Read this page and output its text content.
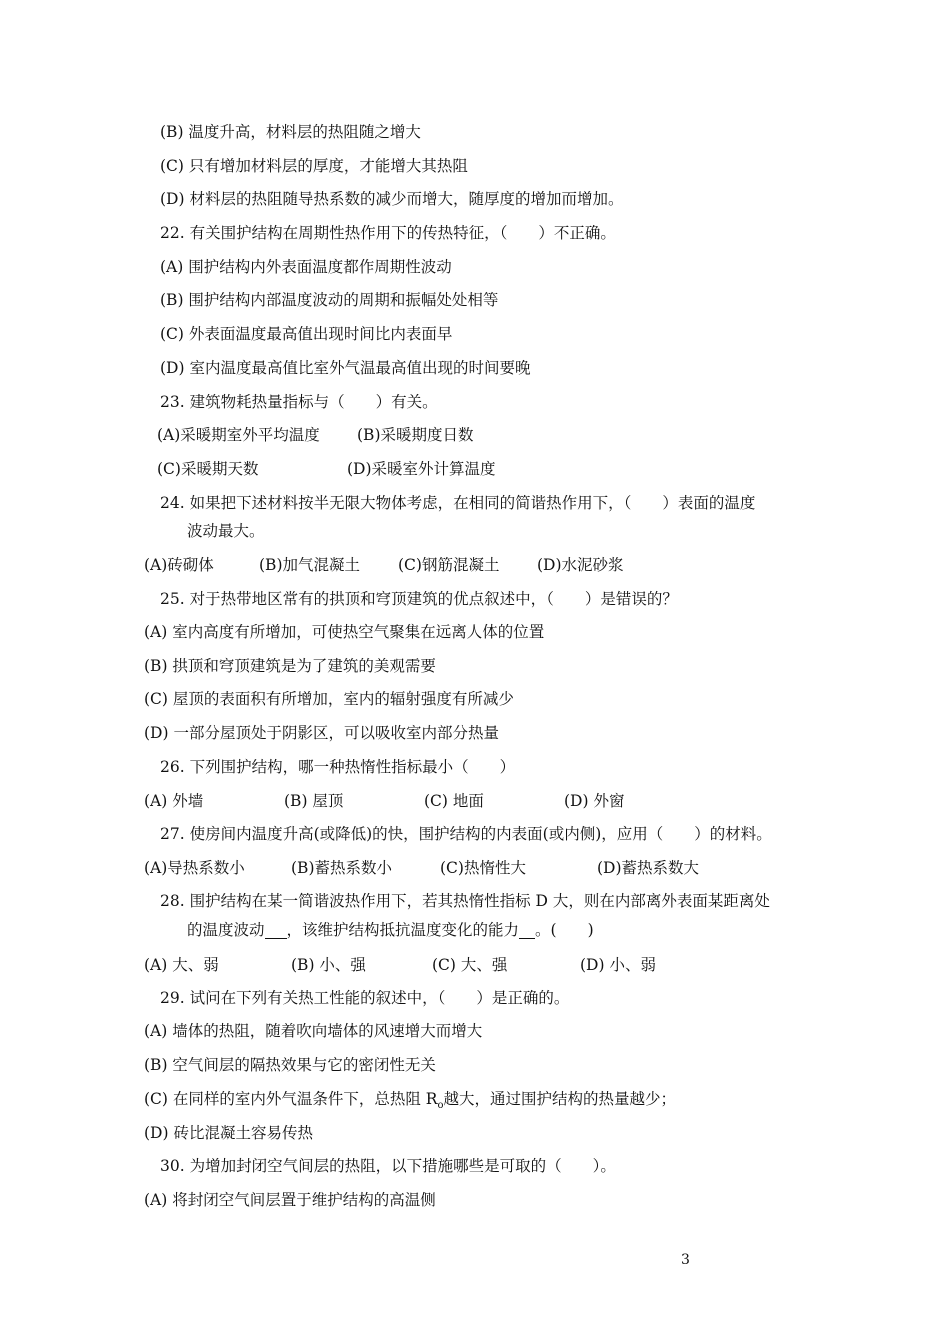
(B) 温度升高，材料层的热阻随之增大
(C) 只有增加材料层的厚度，才能增大其热阻
(D) 材料层的热阻随导热系数的减少而增大，随厚度的增加而增加。
22. 有关围护结构在周期性热作用下的传热特征，（　　）不正确。
(A) 围护结构内外表面温度都作周期性波动
(B) 围护结构内部温度波动的周期和振幅处处相等
(C) 外表面温度最高值出现时间比内表面早
(D) 室内温度最高值比室外气温最高值出现的时间要晚
23. 建筑物耗热量指标与（　　）有关。
(A)采暖期室外平均温度 (B)采暖期度日数
(C)采暖期天数	(D)采暖室外计算温度
24. 如果把下述材料按半无限大物体考虑，在相同的简谐热作用下，（　　）表面的温度
波动最大。
(A)砖砌体	(B)加气混凝土 (C)钢筋混凝土 (D)水泥砂浆
25. 对于热带地区常有的拱顶和穹顶建筑的优点叙述中，（　　）是错误的？
(A) 室内高度有所增加，可使热空气聚集在远离人体的位置
(B) 拱顶和穹顶建筑是为了建筑的美观需要
(C) 屋顶的表面积有所增加，室内的辐射强度有所减少
(D) 一部分屋顶处于阴影区，可以吸收室内部分热量
26. 下列围护结构，哪一种热惰性指标最小（　　）
(A) 外墙	(B) 屋顶	(C) 地面	(D) 外窗
27. 使房间内温度升高(或降低)的快，围护结构的内表面(或内侧)，应用（　　）的材料。
(A)导热系数小	(B)蓄热系数小	(C)热惰性大	(D)蓄热系数大
28. 围护结构在某一简谐波热作用下，若其热惰性指标 D 大，则在内部离外表面某距离处
的温度波动 ，该维护结构抵抗温度变化的能力 。(　　)
(A) 大、弱	(B) 小、强	(C) 大、强	(D) 小、弱
29. 试问在下列有关热工性能的叙述中，（　　）是正确的。
(A) 墙体的热阻，随着吹向墙体的风速增大而增大
(B) 空气间层的隔热效果与它的密闭性无关
(C) 在同样的室内外气温条件下，总热阻 $R_o$越大，通过围护结构的热量越少；
(D) 砖比混凝土容易传热
30. 为增加封闭空气间层的热阻，以下措施哪些是可取的（　　）。
(A) 将封闭空气间层置于维护结构的高温侧
3
